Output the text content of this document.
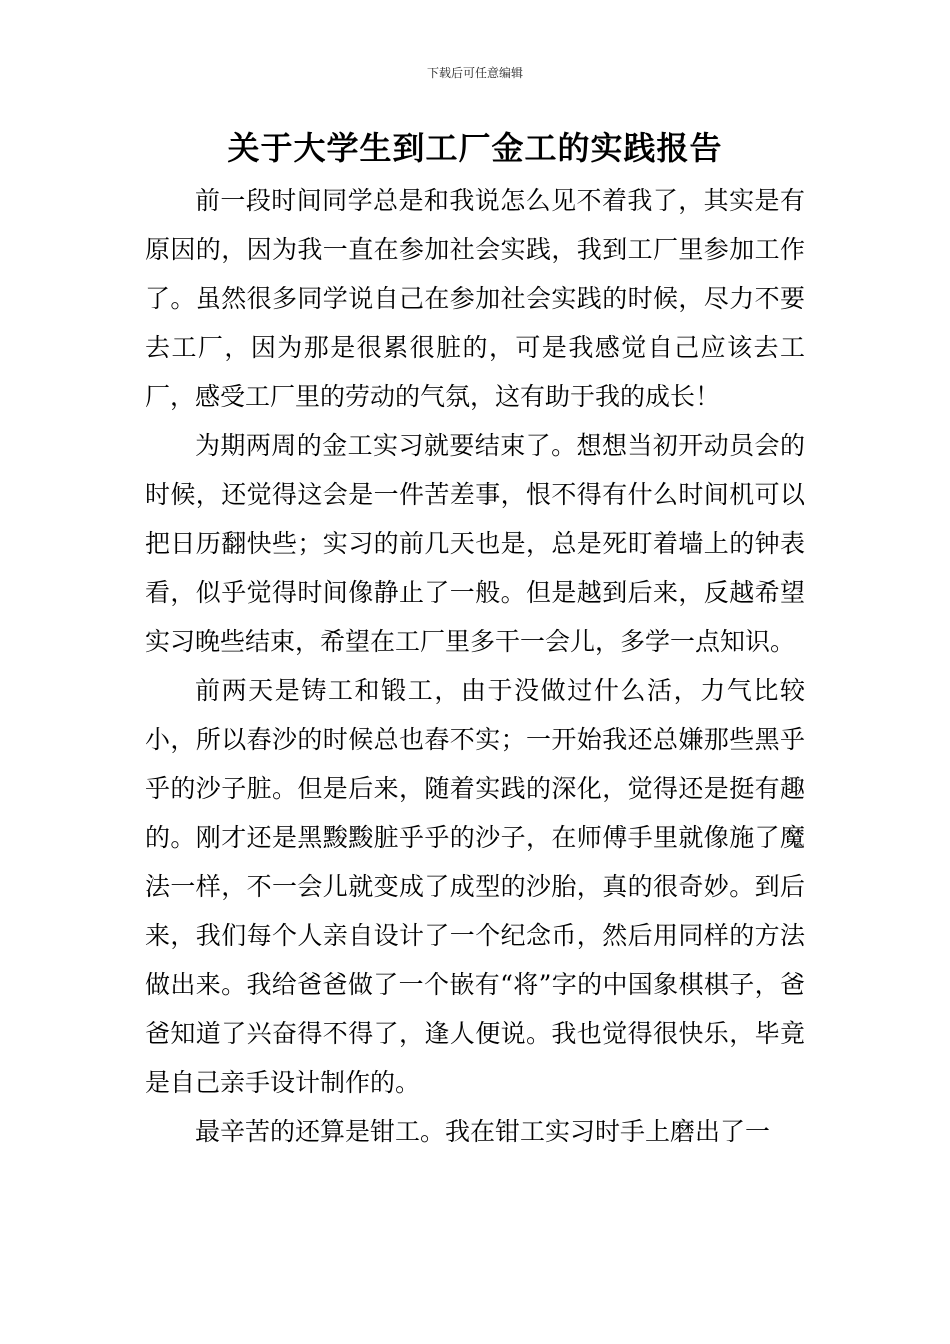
下载后可任意编辑
关于大学生到工厂金工的实践报告

前一段时间同学总是和我说怎么见不着我了，其实是有原因的，因为我一直在参加社会实践，我到工厂里参加工作了。虽然很多同学说自己在参加社会实践的时候，尽力不要去工厂，因为那是很累很脏的，可是我感觉自己应该去工厂，感受工厂里的劳动的气氛，这有助于我的成长！

为期两周的金工实习就要结束了。想想当初开动员会的时候，还觉得这会是一件苦差事，恨不得有什么时间机可以把日历翻快些；实习的前几天也是，总是死盯着墙上的钟表看，似乎觉得时间像静止了一般。但是越到后来，反越希望实习晚些结束，希望在工厂里多干一会儿，多学一点知识。

前两天是铸工和锻工，由于没做过什么活，力气比较小，所以舂沙的时候总也舂不实；一开始我还总嫌那些黑乎乎的沙子脏。但是后来，随着实践的深化，觉得还是挺有趣的。刚才还是黑黢黢脏乎乎的沙子，在师傅手里就像施了魔法一样，不一会儿就变成了成型的沙胎，真的很奇妙。到后来，我们每个人亲自设计了一个纪念币，然后用同样的方法做出来。我给爸爸做了一个嵌有“将”字的中国象棋棋子，爸爸知道了兴奋得不得了，逢人便说。我也觉得很快乐，毕竟是自己亲手设计制作的。

最辛苦的还算是钳工。我在钳工实习时手上磨出了一
